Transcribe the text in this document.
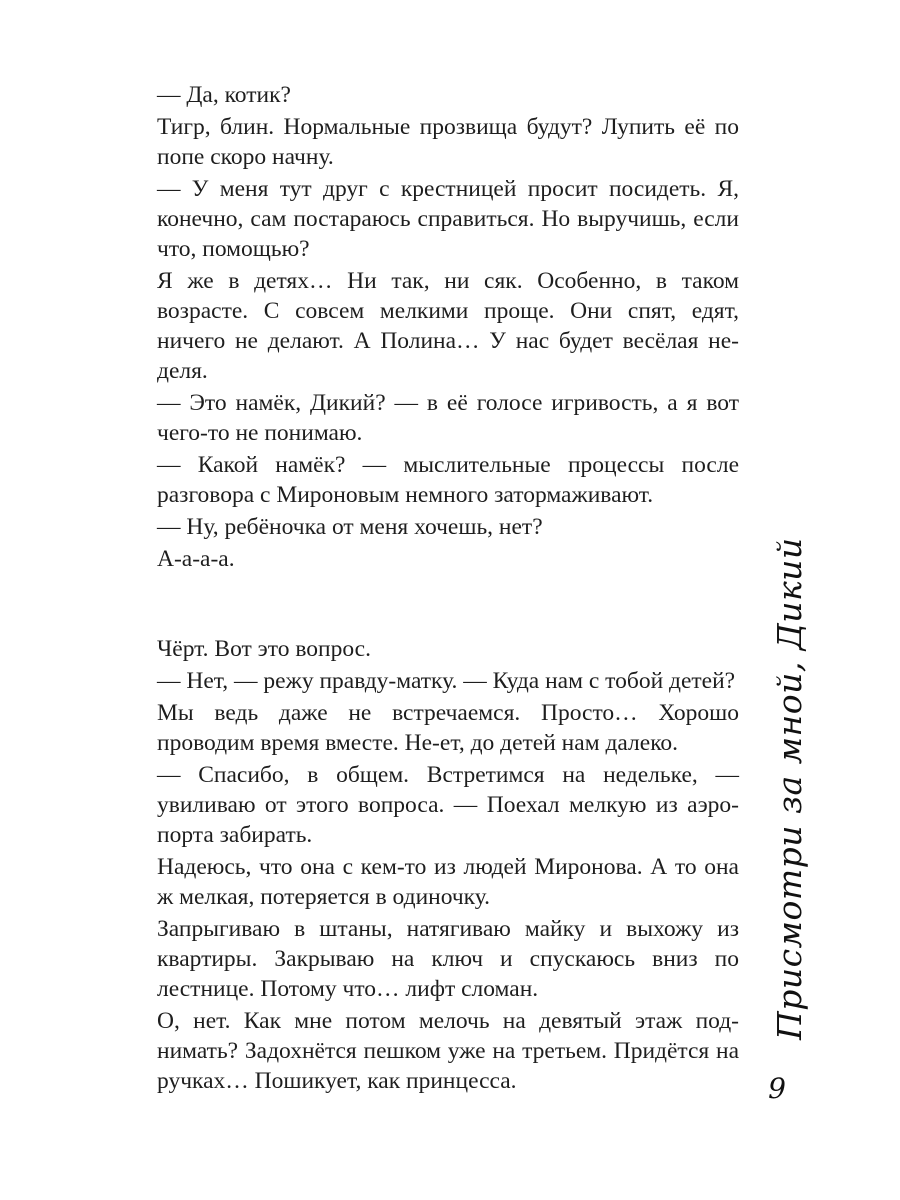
— Да, котик?

Тигр, блин. Нормальные прозвища будут? Лупить её по попе скоро начну.

— У меня тут друг с крестницей просит посидеть. Я, конечно, сам постараюсь справиться. Но выручишь, если что, помощью?

Я же в детях… Ни так, ни сяк. Особенно, в таком возрасте. С совсем мелкими проще. Они спят, едят, ничего не делают. А Полина… У нас будет весёлая неделя.

— Это намёк, Дикий? — в её голосе игривость, а я вот чего-то не понимаю.

— Какой намёк? — мыслительные процессы после разговора с Мироновым немного затормаживают.

— Ну, ребёночка от меня хочешь, нет?

А-а-а-а.

Чёрт. Вот это вопрос.

— Нет, — режу правду-матку. — Куда нам с тобой детей?

Мы ведь даже не встречаемся. Просто… Хорошо проводим время вместе. Не-ет, до детей нам далеко.

— Спасибо, в общем. Встретимся на недельке, — увиливаю от этого вопроса. — Поехал мелкую из аэропорта забирать.

Надеюсь, что она с кем-то из людей Миронова. А то она ж мелкая, потеряется в одиночку.

Запрыгиваю в штаны, натягиваю майку и выхожу из квартиры. Закрываю на ключ и спускаюсь вниз по лестнице. Потому что… лифт сломан.

О, нет. Как мне потом мелочь на девятый этаж поднимать? Задохнётся пешком уже на третьем. Придётся на ручках… Пошикует, как принцесса.

Присмотри за мной, Дикий
9
